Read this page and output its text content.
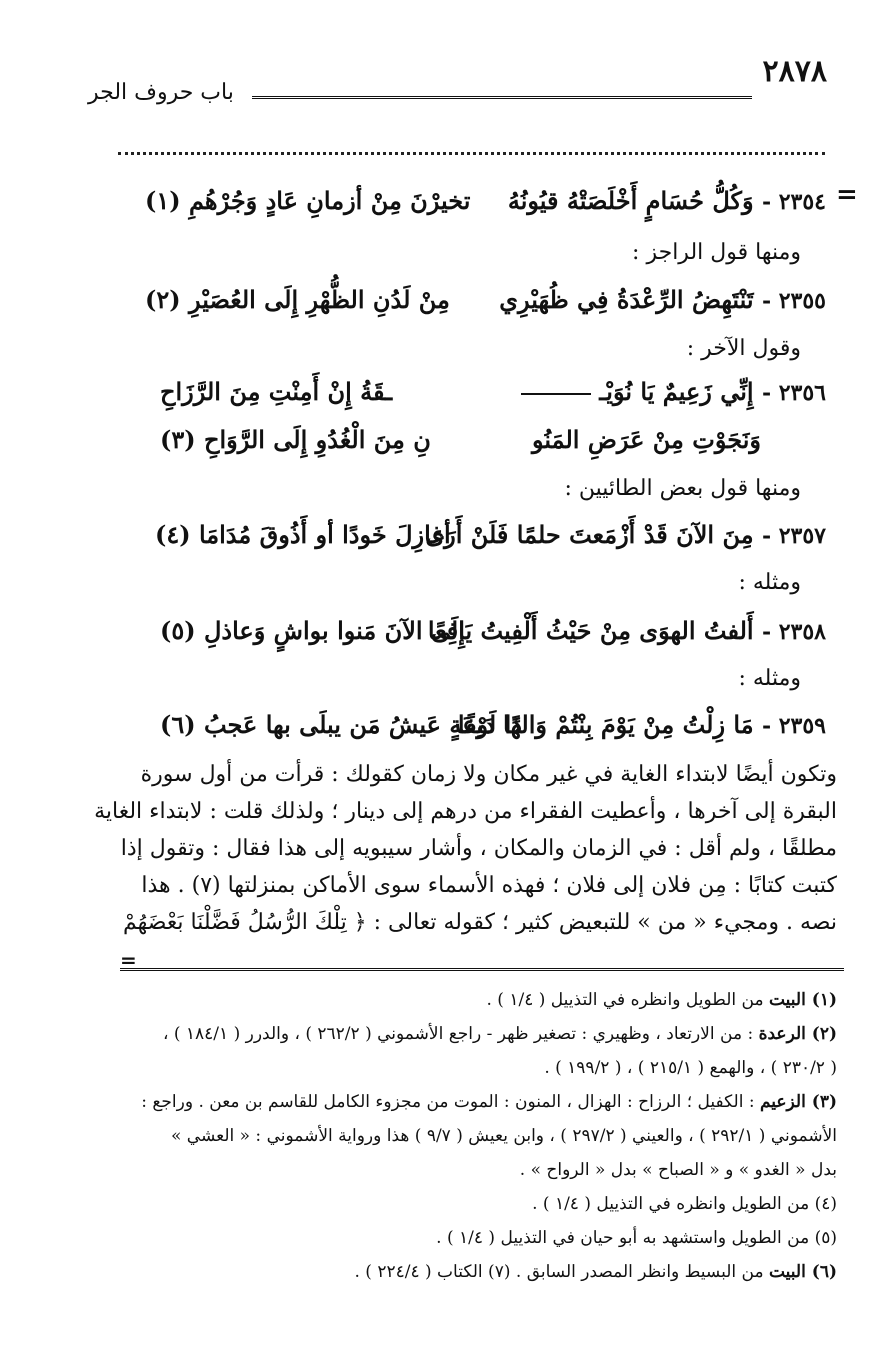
٢٨٧٨
باب حروف الجر
=
٢٣٥٤ - وَكُلُّ حُسَامٍ أَخْلَصَتْهُ قيُونُهُ
تخيرْنَ مِنْ أزمانِ عَادٍ وَجُرْهُمِ (١)
ومنها قول الراجز :
٢٣٥٥ - تَنْتَهِضُ الرِّعْدَةُ فِي ظُهَيْرِي
مِنْ لَدُنِ الظُّهْرِ إِلَى العُصَيْرِ (٢)
وقول الآخر :
٢٣٥٦ - إِنِّي زَعِيمٌ يَا نُوَيْـ
ـقَةُ إِنْ أَمِنْتِ مِنَ الرَّزَاحِ
وَنَجَوْتِ مِنْ عَرَضِ المَنُو
نِ مِنَ الْغُدُوِ إِلَى الرَّوَاحِ (٣)
ومنها قول بعض الطائيين :
٢٣٥٧ - مِنَ الآنَ قَدْ أَزْمَعتَ حلمًا فَلَنْ أَرَى
أغازِلَ خَودًا أو أَذُوقَ مُدَامَا (٤)
ومثله :
٢٣٥٨ - أَلفتُ الهوَى مِنْ حَيْثُ أَلْفِيتُ يَافِعًا
إِلَى الآنَ مَنوا بواشٍ وَعاذلِ (٥)
ومثله :
٢٣٥٩ - مَا زِلْتُ مِنْ يَوْمَ بِنْتُمْ وَالهًا دَنِفًا
ذَا لَوْعَةٍ عَيشُ مَن يبلَى بها عَجبُ (٦)
وتكون أيضًا لابتداء الغاية في غير مكان ولا زمان كقولك : قرأت من أول سورة
البقرة إلى آخرها ، وأعطيت الفقراء من درهم إلى دينار ؛ ولذلك قلت : لابتداء الغاية
مطلقًا ، ولم أقل : في الزمان والمكان ، وأشار سيبويه إلى هذا فقال : وتقول إذا
كتبت كتابًا : مِن فلان إلى فلان ؛ فهذه الأسماء سوى الأماكن بمنزلتها (٧) . هذا
نصه . ومجيء « من » للتبعيض كثير ؛ كقوله تعالى : ﴿ تِلْكَ الرُّسُلُ فَضَّلْنَا بَعْضَهُمْ
=
(١) البيت من الطويل وانظره في التذييل ( ١/٤ ) .
(٢) الرعدة : من الارتعاد ، وظهيري : تصغير ظهر - راجع الأشموني ( ٢٦٢/٢ ) ، والدرر ( ١٨٤/١ ) ،
( ٢٣٠/٢ ) ، والهمع ( ٢١٥/١ ) ، ( ١٩٩/٢ ) .
(٣) الزعيم : الكفيل ؛ الرزاح : الهزال ، المنون : الموت من مجزوء الكامل للقاسم بن معن . وراجع :
الأشموني ( ٢٩٢/١ ) ، والعيني ( ٢٩٧/٢ ) ، وابن يعيش ( ٩/٧ ) هذا ورواية الأشموني : « العشي »
بدل « الغدو » و « الصباح » بدل « الرواح » .
(٤) من الطويل وانظره في التذييل ( ١/٤ ) .
(٥) من الطويل واستشهد به أبو حيان في التذييل ( ١/٤ ) .
(٦) البيت من البسيط وانظر المصدر السابق . (٧) الكتاب ( ٢٢٤/٤ ) .
